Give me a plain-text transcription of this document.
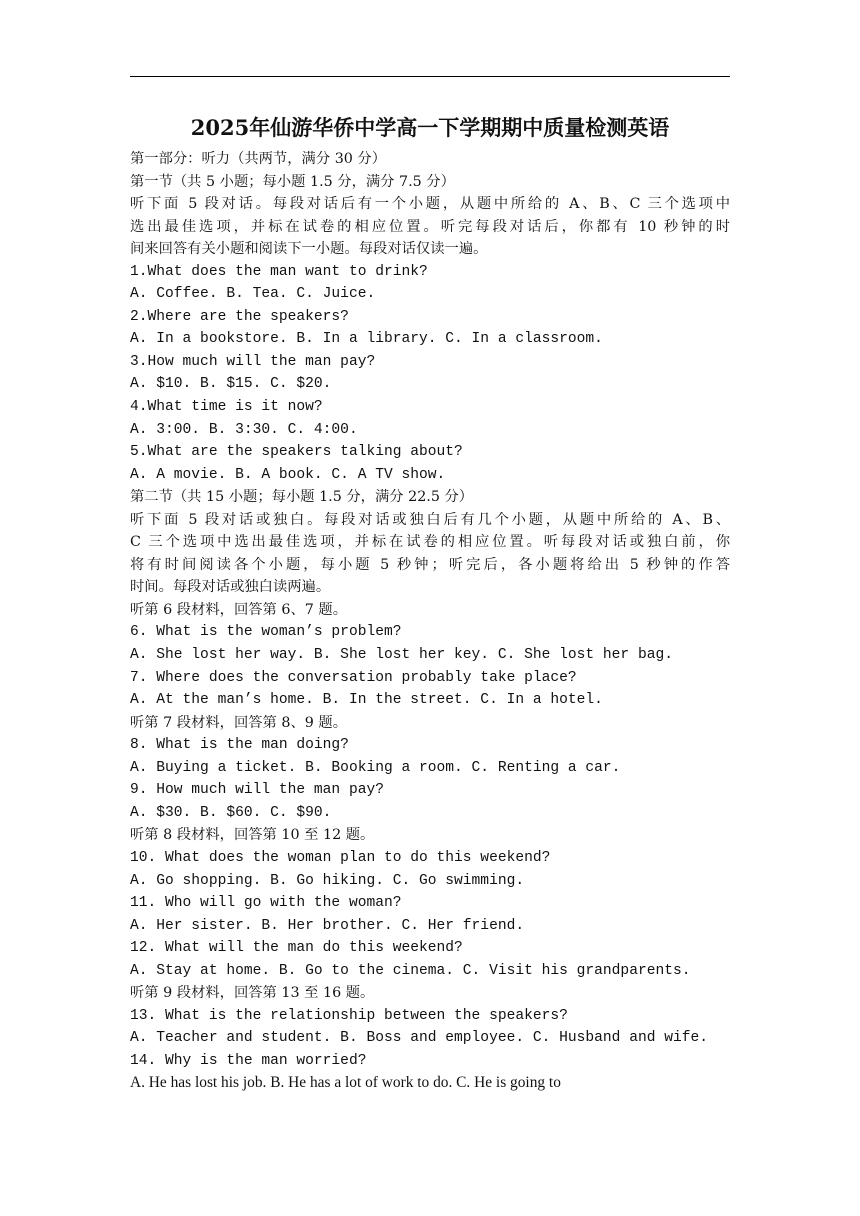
2025年仙游华侨中学高一下学期期中质量检测英语
第一部分：听力（共两节，满分 30 分）
第一节（共 5 小题；每小题 1.5 分，满分 7.5 分）
听下面 5 段对话。每段对话后有一个小题，从题中所给的 A、B、C 三个选项中
选出最佳选项，并标在试卷的相应位置。听完每段对话后，你都有 10 秒钟的时
间来回答有关小题和阅读下一小题。每段对话仅读一遍。
1.What does the man want to drink?
A. Coffee. B. Tea. C. Juice.
2.Where are the speakers?
A. In a bookstore. B. In a library. C. In a classroom.
3.How much will the man pay?
A. $10. B. $15. C. $20.
4.What time is it now?
A. 3:00. B. 3:30. C. 4:00.
5.What are the speakers talking about?
A. A movie. B. A book. C. A TV show.
第二节（共 15 小题；每小题 1.5 分，满分 22.5 分）
听下面 5 段对话或独白。每段对话或独白后有几个小题，从题中所给的 A、B、
C 三个选项中选出最佳选项，并标在试卷的相应位置。听每段对话或独白前，你
将有时间阅读各个小题，每小题 5 秒钟；听完后，各小题将给出 5 秒钟的作答
时间。每段对话或独白读两遍。
听第 6 段材料，回答第 6、7 题。
6. What is the woman’s problem?
A. She lost her way. B. She lost her key. C. She lost her bag.
7. Where does the conversation probably take place?
A. At the man’s home. B. In the street. C. In a hotel.
听第 7 段材料，回答第 8、9 题。
8. What is the man doing?
A. Buying a ticket. B. Booking a room. C. Renting a car.
9. How much will the man pay?
A. $30. B. $60. C. $90.
听第 8 段材料，回答第 10 至 12 题。
10. What does the woman plan to do this weekend?
A. Go shopping. B. Go hiking. C. Go swimming.
11. Who will go with the woman?
A. Her sister. B. Her brother. C. Her friend.
12. What will the man do this weekend?
A. Stay at home. B. Go to the cinema. C. Visit his grandparents.
听第 9 段材料，回答第 13 至 16 题。
13. What is the relationship between the speakers?
A. Teacher and student. B. Boss and employee. C. Husband and wife.
14. Why is the man worried?
A. He has lost his job. B. He has a lot of work to do. C. He is going to
